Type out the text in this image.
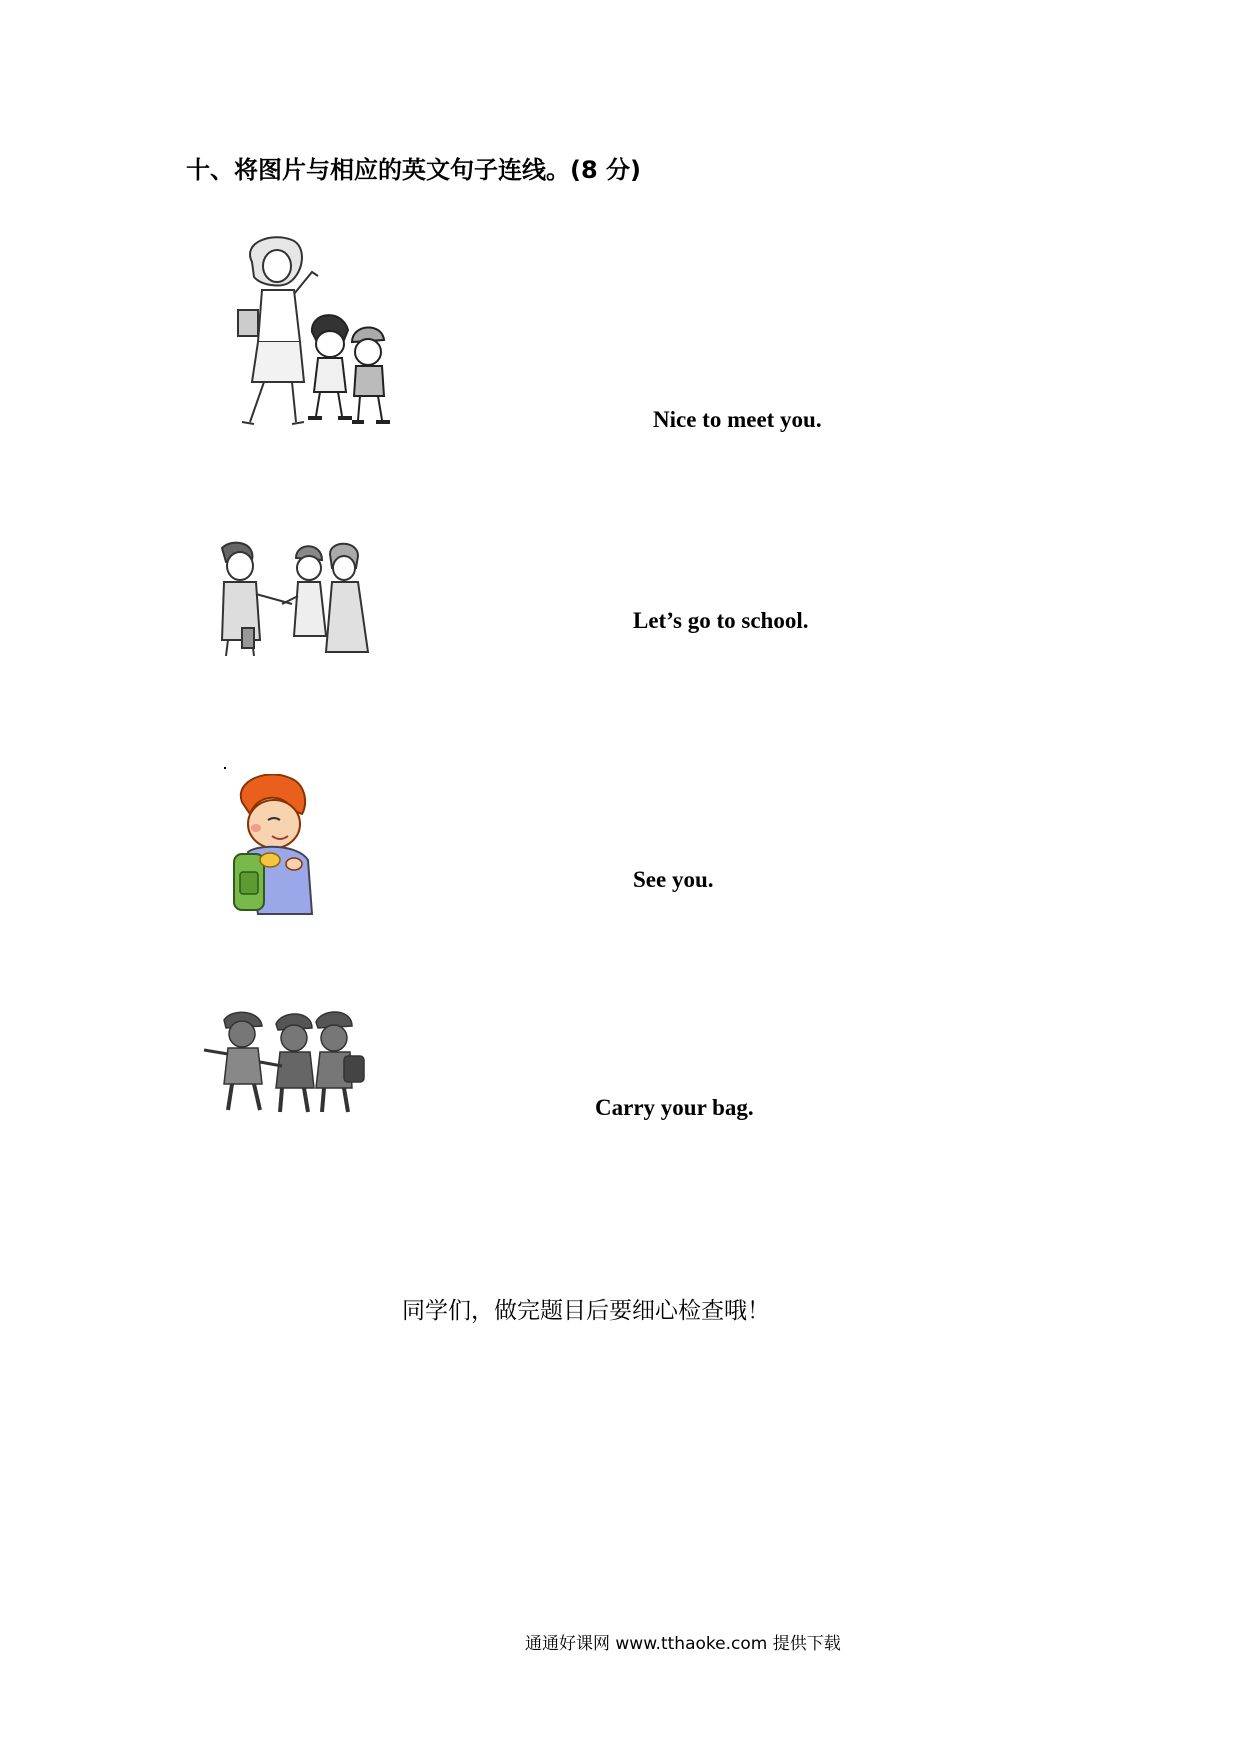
十、将图片与相应的英文句子连线。(8 分)
Nice to meet you.
Let’s go to school.
See you.
Carry your bag.
同学们，做完题目后要细心检查哦！
通通好课网 www.tthaoke.com 提供下载
